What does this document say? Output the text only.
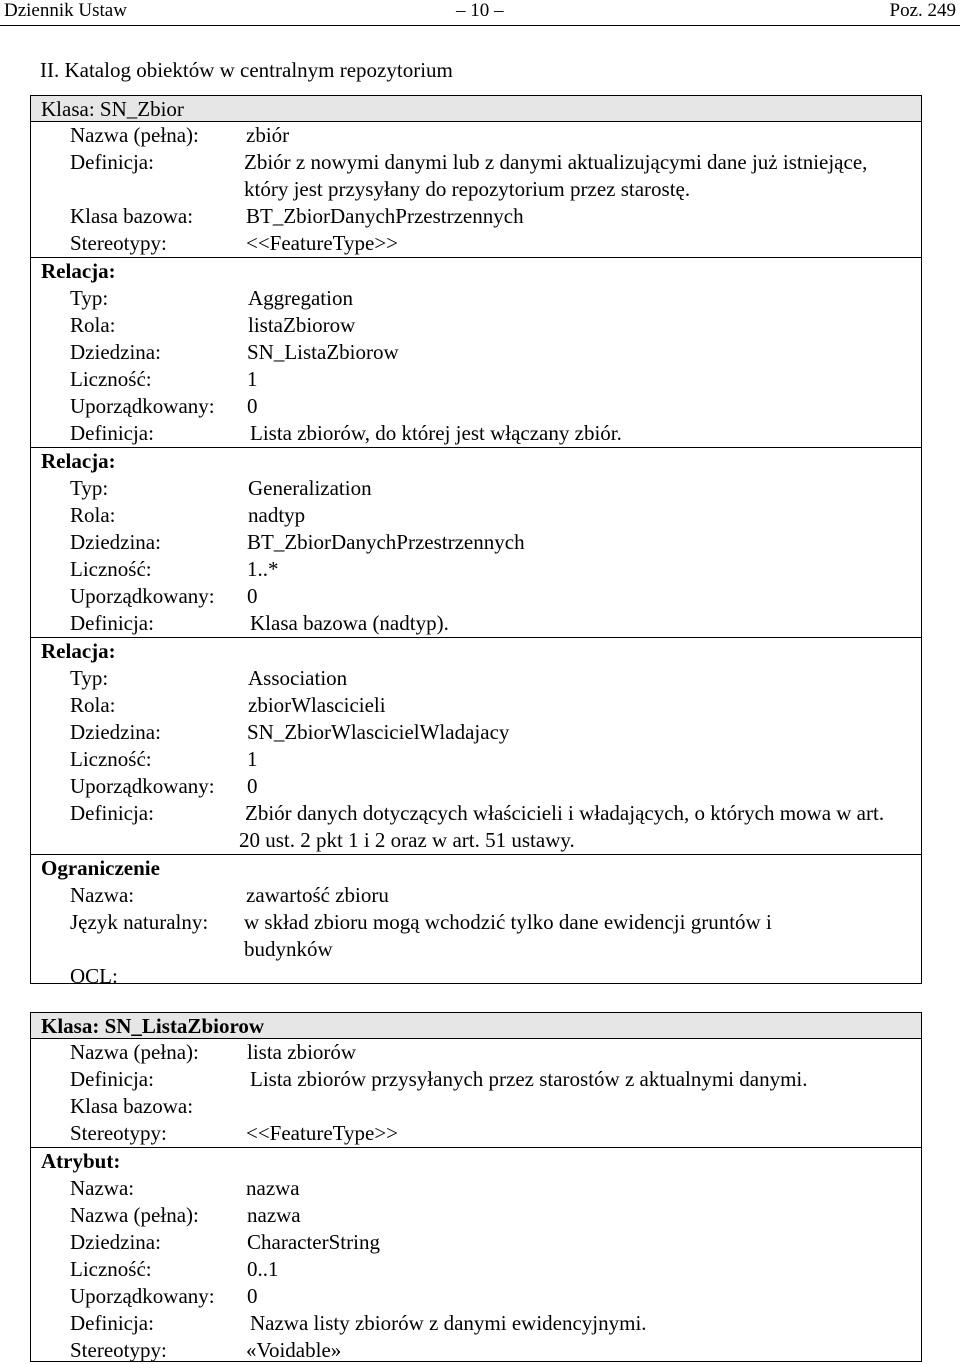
Dziennik Ustaw	– 10 –	Poz. 249
II. Katalog obiektów w centralnym repozytorium
Klasa: SN_Zbior
Nazwa (pełna): zbiór
Definicja:	Zbiór z nowymi danymi lub z danymi aktualizującymi dane już istniejące, który jest przysyłany do repozytorium przez starostę.
Klasa bazowa:	BT_ZbiorDanychPrzestrzennych
Stereotypy:	<<FeatureType>>
Relacja:
Typ:	Aggregation
Rola:	listaZbiorow
Dziedzina:	SN_ListaZbiorow
Liczność:	1
Uporządkowany: 0
Definicja:	Lista zbiorów, do której jest włączany zbiór.
Relacja:
Typ:	Generalization
Rola:	nadtyp
Dziedzina:	BT_ZbiorDanychPrzestrzennych
Liczność:	1..*
Uporządkowany: 0
Definicja:	Klasa bazowa (nadtyp).
Relacja:
Typ:	Association
Rola:	zbiorWlascicieli
Dziedzina:	SN_ZbiorWlascicielWladajacy
Liczność:	1
Uporządkowany: 0
Definicja:	Zbiór danych dotyczących właścicieli i władających, o których mowa w art. 20 ust. 2 pkt 1 i 2 oraz w art. 51 ustawy.
Ograniczenie
Nazwa:	zawartość zbioru
Język naturalny: w skład zbioru mogą wchodzić tylko dane ewidencji gruntów i budynków
OCL:
Klasa: SN_ListaZbiorow
Nazwa (pełna): lista zbiorów
Definicja:	Lista zbiorów przysyłanych przez starostów z aktualnymi danymi.
Klasa bazowa:
Stereotypy:	<<FeatureType>>
Atrybut:
Nazwa:	nazwa
Nazwa (pełna): nazwa
Dziedzina:	CharacterString
Liczność:	0..1
Uporządkowany: 0
Definicja:	Nazwa listy zbiorów z danymi ewidencyjnymi.
Stereotypy:	«Voidable»
